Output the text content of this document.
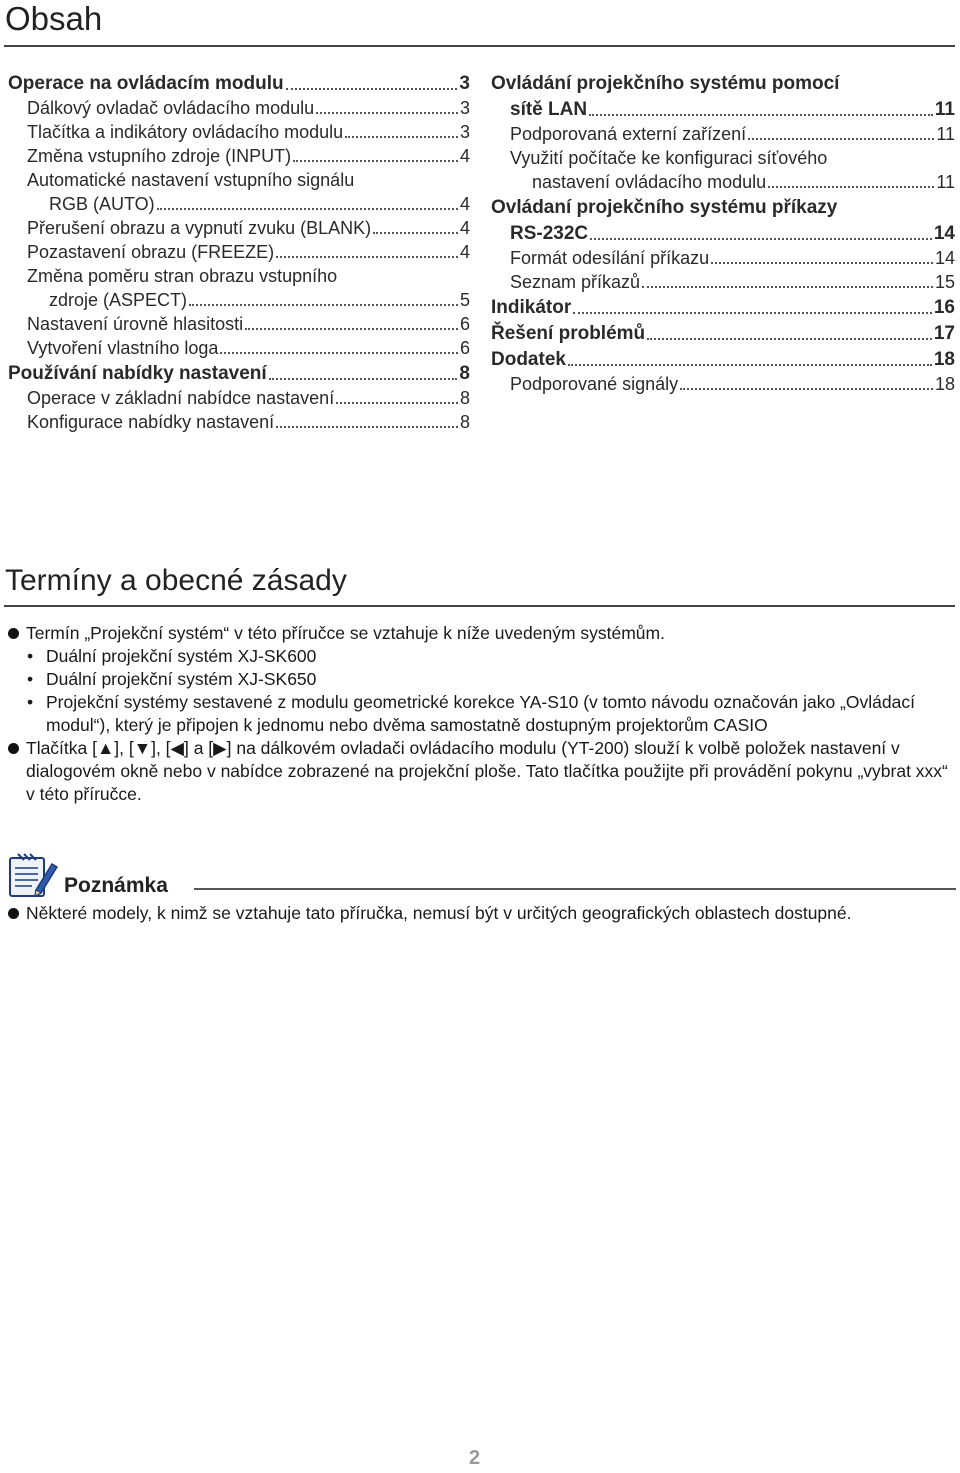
Obsah
Operace na ovládacím modulu	3
Dálkový ovladač ovládacího modulu	3
Tlačítka a indikátory ovládacího modulu	3
Změna vstupního zdroje (INPUT)	4
Automatické nastavení vstupního signálu
RGB (AUTO)	4
Přerušení obrazu a vypnutí zvuku (BLANK)	4
Pozastavení obrazu (FREEZE)	4
Změna poměru stran obrazu vstupního
zdroje (ASPECT)	5
Nastavení úrovně hlasitosti	6
Vytvoření vlastního loga	6
Používání nabídky nastavení	8
Operace v základní nabídce nastavení	8
Konfigurace nabídky nastavení	8
Ovládání projekčního systému pomocí
sítě LAN	11
Podporovaná externí zařízení	11
Využití počítače ke konfiguraci síťového
nastavení ovládacího modulu	11
Ovládaní projekčního systému příkazy
RS-232C	14
Formát odesílání příkazu	14
Seznam příkazů	15
Indikátor	16
Řešení problémů	17
Dodatek	18
Podporované signály	18
Termíny a obecné zásady
Termín „Projekční systém“ v této příručce se vztahuje k níže uvedeným systémům.
• Duální projekční systém XJ-SK600
• Duální projekční systém XJ-SK650
• Projekční systémy sestavené z modulu geometrické korekce YA-S10 (v tomto návodu označován jako „Ovládací modul“), který je připojen k jednomu nebo dvěma samostatně dostupným projektorům CASIO
Tlačítka [▲], [▼], [◀] a [▶] na dálkovém ovladači ovládacího modulu (YT-200) slouží k volbě položek nastavení v dialogovém okně nebo v nabídce zobrazené na projekční ploše. Tato tlačítka použijte při provádění pokynu „vybrat xxx“ v této příručce.
Poznámka
Některé modely, k nimž se vztahuje tato příručka, nemusí být v určitých geografických oblastech dostupné.
2
